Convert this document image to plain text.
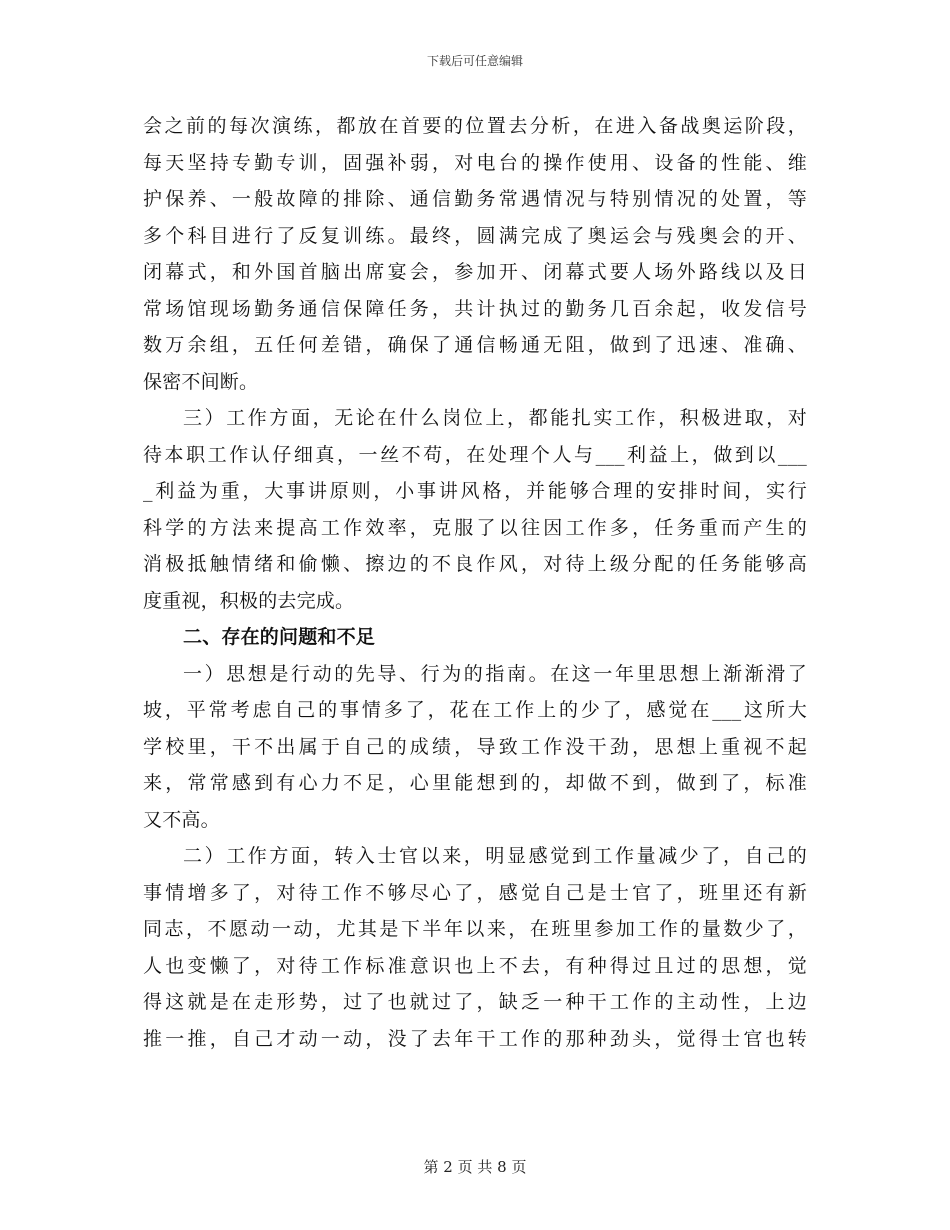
下载后可任意编辑
会之前的每次演练，都放在首要的位置去分析，在进入备战奥运阶段，
每天坚持专勤专训，固强补弱，对电台的操作使用、设备的性能、维
护保养、一般故障的排除、通信勤务常遇情况与特别情况的处置，等
多个科目进行了反复训练。最终，圆满完成了奥运会与残奥会的开、
闭幕式，和外国首脑出席宴会，参加开、闭幕式要人场外路线以及日
常场馆现场勤务通信保障任务，共计执过的勤务几百余起，收发信号
数万余组，五任何差错，确保了通信畅通无阻，做到了迅速、准确、
保密不间断。
三）工作方面，无论在什么岗位上，都能扎实工作，积极进取，对
待本职工作认仔细真，一丝不苟，在处理个人与___利益上，做到以___
_利益为重，大事讲原则，小事讲风格，并能够合理的安排时间，实行
科学的方法来提高工作效率，克服了以往因工作多，任务重而产生的
消极抵触情绪和偷懒、擦边的不良作风，对待上级分配的任务能够高
度重视，积极的去完成。
二、存在的问题和不足
一）思想是行动的先导、行为的指南。在这一年里思想上渐渐滑了
坡，平常考虑自己的事情多了，花在工作上的少了，感觉在___这所大
学校里，干不出属于自己的成绩，导致工作没干劲，思想上重视不起
来，常常感到有心力不足，心里能想到的，却做不到，做到了，标准
又不高。
二）工作方面，转入士官以来，明显感觉到工作量减少了，自己的
事情增多了，对待工作不够尽心了，感觉自己是士官了，班里还有新
同志，不愿动一动，尤其是下半年以来，在班里参加工作的量数少了，
人也变懒了，对待工作标准意识也上不去，有种得过且过的思想，觉
得这就是在走形势，过了也就过了，缺乏一种干工作的主动性，上边
推一推，自己才动一动，没了去年干工作的那种劲头，觉得士官也转
第 2 页 共 8 页
